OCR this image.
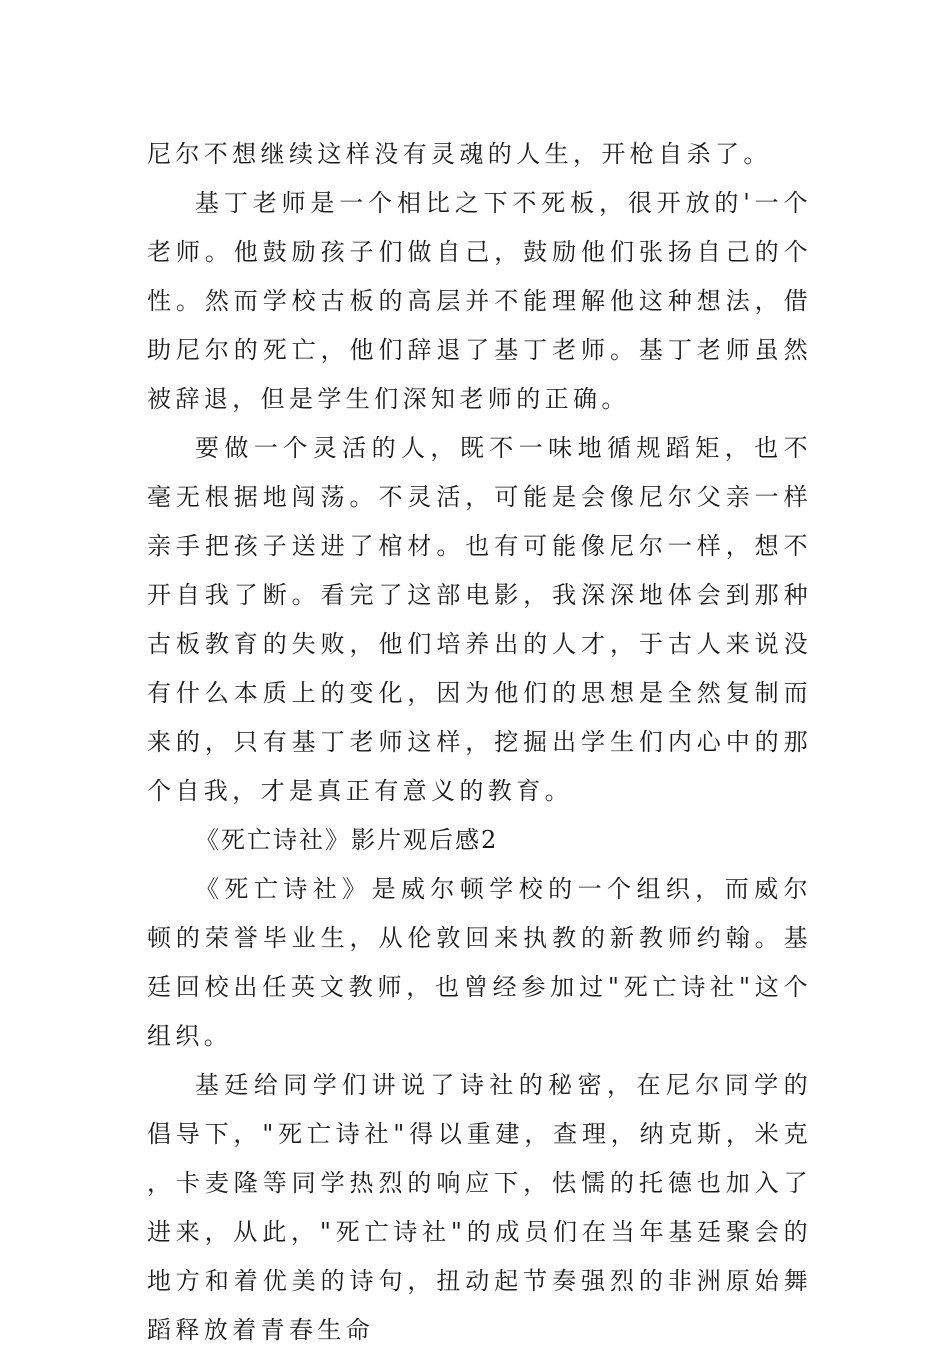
尼尔不想继续这样没有灵魂的人生，开枪自杀了。

基丁老师是一个相比之下不死板，很开放的'一个老师。他鼓励孩子们做自己，鼓励他们张扬自己的个性。然而学校古板的高层并不能理解他这种想法，借助尼尔的死亡，他们辞退了基丁老师。基丁老师虽然被辞退，但是学生们深知老师的正确。

要做一个灵活的人，既不一味地循规蹈矩，也不毫无根据地闯荡。不灵活，可能是会像尼尔父亲一样亲手把孩子送进了棺材。也有可能像尼尔一样，想不开自我了断。看完了这部电影，我深深地体会到那种古板教育的失败，他们培养出的人才，于古人来说没有什么本质上的变化，因为他们的思想是全然复制而来的，只有基丁老师这样，挖掘出学生们内心中的那个自我，才是真正有意义的教育。

《死亡诗社》影片观后感2

《死亡诗社》是威尔顿学校的一个组织，而威尔顿的荣誉毕业生，从伦敦回来执教的新教师约翰。基廷回校出任英文教师，也曾经参加过"死亡诗社"这个组织。

基廷给同学们讲说了诗社的秘密，在尼尔同学的倡导下，"死亡诗社"得以重建，查理，纳克斯，米克，卡麦隆等同学热烈的响应下，怯懦的托德也加入了进来，从此，"死亡诗社"的成员们在当年基廷聚会的地方和着优美的诗句，扭动起节奏强烈的非洲原始舞蹈释放着青春生命
